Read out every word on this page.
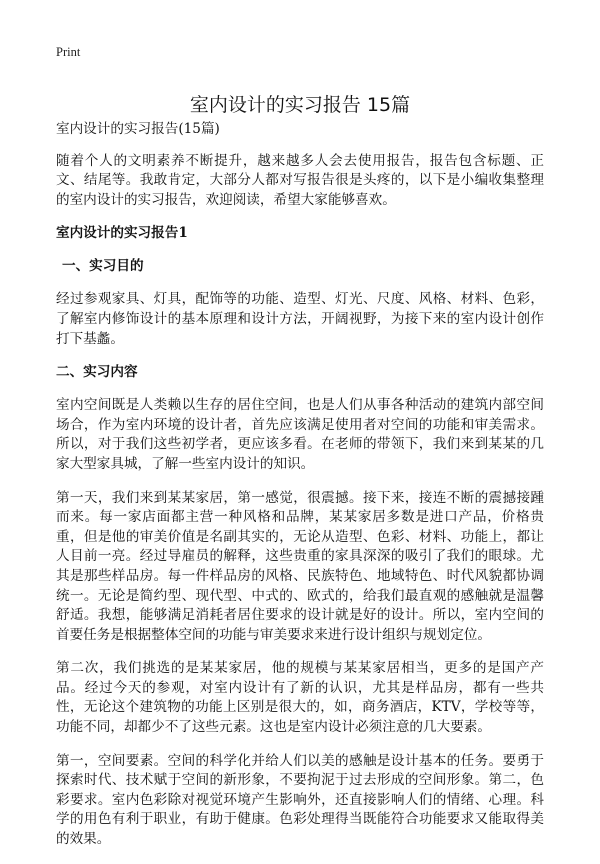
Print
室内设计的实习报告 15篇

室内设计的实习报告(15篇)

随着个人的文明素养不断提升，越来越多人会去使用报告，报告包含标题、正文、结尾等。我敢肯定，大部分人都对写报告很是头疼的，以下是小编收集整理的室内设计的实习报告，欢迎阅读，希望大家能够喜欢。

室内设计的实习报告1
一、实习目的

经过参观家具、灯具，配饰等的功能、造型、灯光、尺度、风格、材料、色彩，了解室内修饰设计的基本原理和设计方法，开阔视野，为接下来的室内设计创作打下基蠡。

二、实习内容

室内空间既是人类赖以生存的居住空间，也是人们从事各种活动的建筑内部空间场合，作为室内环境的设计者，首先应该满足使用者对空间的功能和审美需求。所以，对于我们这些初学者，更应该多看。在老师的带领下，我们来到某某的几家大型家具城，了解一些室内设计的知识。

第一天，我们来到某某家居，第一感觉，很震撼。接下来，接连不断的震撼接踵而来。每一家店面都主营一种风格和品牌，某某家居多数是进口产品，价格贵重，但是他的审美价值是名副其实的，无论从造型、色彩、材料、功能上，都让人目前一亮。经过导雇员的解释，这些贵重的家具深深的吸引了我们的眼球。尤其是那些样品房。每一件样品房的风格、民族特色、地域特色、时代风貌都协调统一。无论是简约型、现代型、中式的、欧式的，给我们最直观的感触就是温馨舒适。我想，能够满足消耗者居住要求的设计就是好的设计。所以，室内空间的首要任务是根据整体空间的功能与审美要求来进行设计组织与规划定位。

第二次，我们挑选的是某某家居，他的规模与某某家居相当，更多的是国产产品。经过今天的参观，对室内设计有了新的认识，尤其是样品房，都有一些共性，无论这个建筑物的功能上区别是很大的，如，商务酒店，KTV，学校等等，功能不同，却都少不了这些元素。这也是室内设计必须注意的几大要素。

第一，空间要素。空间的科学化并给人们以美的感触是设计基本的任务。要勇于探索时代、技术赋于空间的新形象，不要拘泥于过去形成的空间形象。第二，色彩要求。室内色彩除对视觉环境产生影响外，还直接影响人们的情绪、心理。科学的用色有利于职业，有助于健康。色彩处理得当既能符合功能要求又能取得美的效果。
